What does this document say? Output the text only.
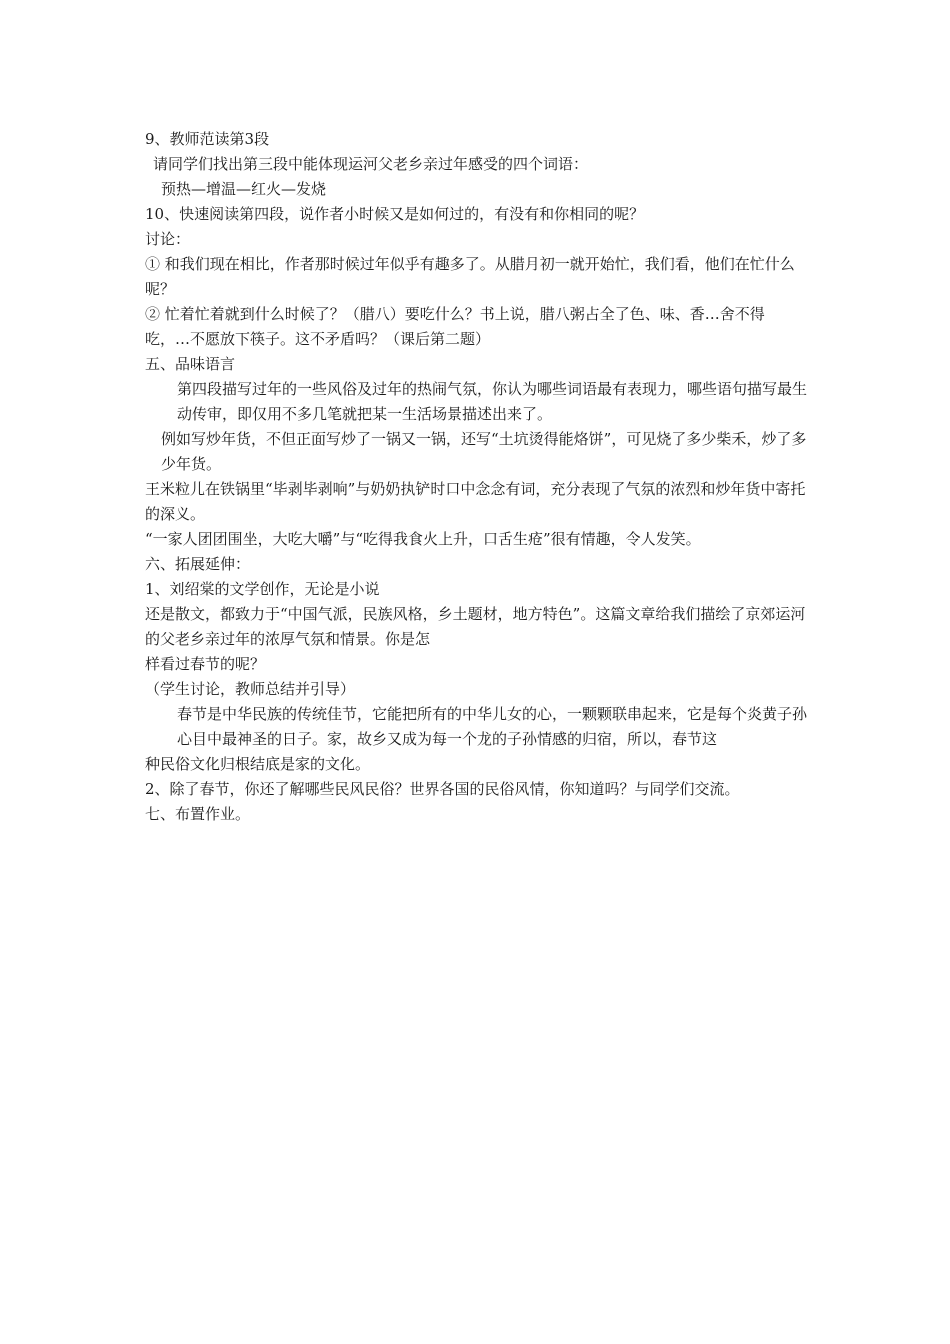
9、教师范读第3段
请同学们找出第三段中能体现运河父老乡亲过年感受的四个词语：
预热—增温—红火—发烧
10、快速阅读第四段，说作者小时候又是如何过的，有没有和你相同的呢？
讨论：
① 和我们现在相比，作者那时候过年似乎有趣多了。从腊月初一就开始忙，我们看，他们在忙什么呢？
② 忙着忙着就到什么时候了？（腊八）要吃什么？书上说，腊八粥占全了色、味、香…舍不得吃，…不愿放下筷子。这不矛盾吗？（课后第二题）
五、品味语言
第四段描写过年的一些风俗及过年的热闹气氛，你认为哪些词语最有表现力，哪些语句描写最生动传审，即仅用不多几笔就把某一生活场景描述出来了。
例如写炒年货，不但正面写炒了一锅又一锅，还写“土坑烫得能烙饼”，可见烧了多少柴禾，炒了多少年货。
王米粒儿在铁锅里“毕剥毕剥响”与奶奶执铲时口中念念有词，充分表现了气氛的浓烈和炒年货中寄托的深义。
“一家人团团围坐，大吃大嚼”与“吃得我食火上升，口舌生疮”很有情趣，令人发笑。
六、拓展延伸：
1、刘绍棠的文学创作，无论是小说
还是散文，都致力于“中国气派，民族风格，乡土题材，地方特色”。这篇文章给我们描绘了京郊运河的父老乡亲过年的浓厚气氛和情景。你是怎
样看过春节的呢？
（学生讨论，教师总结并引导）
春节是中华民族的传统佳节，它能把所有的中华儿女的心，一颗颗联串起来，它是每个炎黄子孙心目中最神圣的日子。家，故乡又成为每一个龙的子孙情感的归宿，所以，春节这
种民俗文化归根结底是家的文化。
2、除了春节，你还了解哪些民风民俗？世界各国的民俗风情，你知道吗？与同学们交流。
七、布置作业。
